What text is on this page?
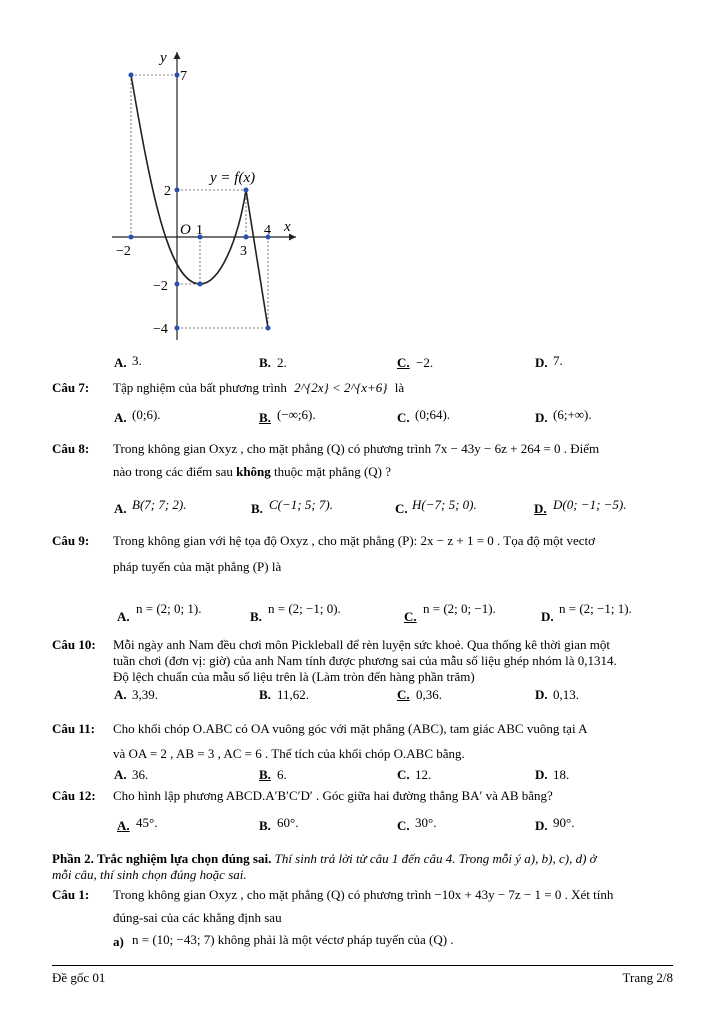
y
x
O
y = f(x)
7
2
−2
−4
−2
1
3
4
A. 3.	B. 2.	C. −2.	D. 7.
Câu 7: Tập nghiệm của bất phương trình 2^{2x} < 2^{x+6} là
A. (0;6).	B. (−∞;6).	C. (0;64).	D. (6;+∞).
Câu 8: Trong không gian Oxyz , cho mặt phẳng (Q) có phương trình 7x − 43y − 6z + 264 = 0 . Điểm
nào trong các điểm sau không thuộc mặt phẳng (Q) ?
A. B(7; 7; 2).	B. C(−1; 5; 7).	C. H(−7; 5; 0).	D. D(0; −1; −5).
Câu 9: Trong không gian với hệ tọa độ Oxyz , cho mặt phẳng (P): 2x − z + 1 = 0 . Tọa độ một vectơ
pháp tuyến của mặt phẳng (P) là
A.
n = (2; 0; 1).
B.
n = (2; −1; 0).
C.
n = (2; 0; −1).
D.
n = (2; −1; 1).
Câu 10: Mỗi ngày anh Nam đều chơi môn Pickleball để rèn luyện sức khoẻ. Qua thống kê thời gian một
tuần chơi (đơn vị: giờ) của anh Nam tính được phương sai của mẫu số liệu ghép nhóm là 0,1314.
Độ lệch chuẩn của mẫu số liệu trên là (Làm tròn đến hàng phần trăm)
A. 3,39.	B. 11,62.	C. 0,36.	D. 0,13.
Câu 11: Cho khối chóp O.ABC có OA vuông góc với mặt phẳng (ABC), tam giác ABC vuông tại A
và OA = 2 , AB = 3 , AC = 6 . Thể tích của khối chóp O.ABC bằng.
A. 36.	B. 6.	C. 12.	D. 18.
Câu 12: Cho hình lập phương ABCD.A′B′C′D′ . Góc giữa hai đường thẳng BA′ và AB bằng?
A. 45°.	B. 60°.	C. 30°.	D. 90°.
Phần 2. Trắc nghiệm lựa chọn đúng sai. Thí sinh trả lời từ câu 1 đến câu 4. Trong mỗi ý a), b), c), d) ở
mỗi câu, thí sinh chọn đúng hoặc sai.
Câu 1: Trong không gian Oxyz , cho mặt phẳng (Q) có phương trình −10x + 43y − 7z − 1 = 0 . Xét tính
đúng-sai của các khẳng định sau
a) n = (10; −43; 7) không phải là một véctơ pháp tuyến của (Q) .
Đề gốc 01	Trang 2/8
